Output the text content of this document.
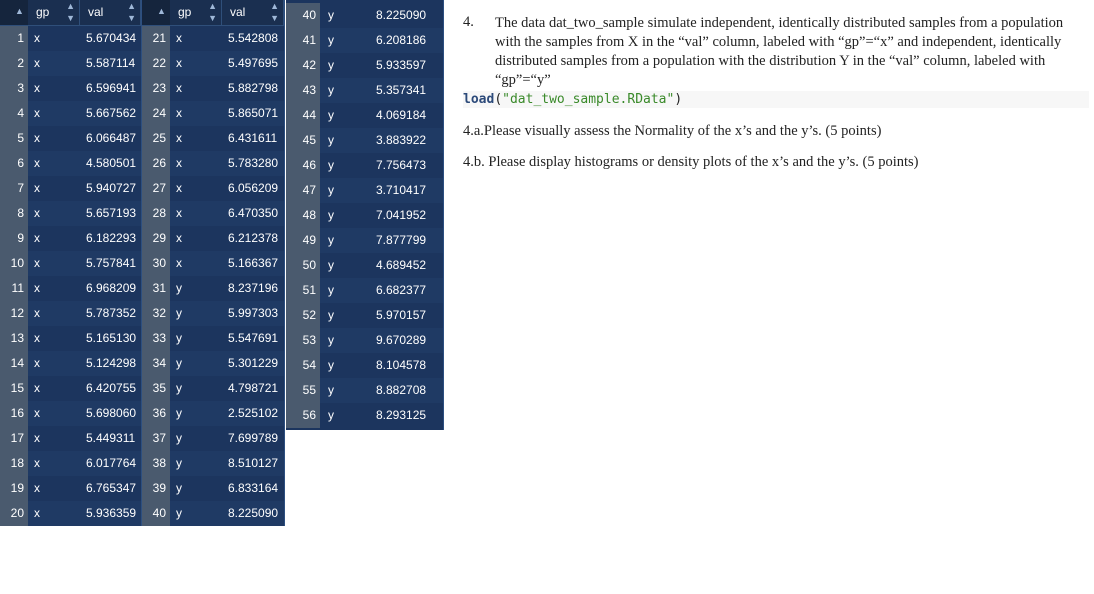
▲	gp ▲
▼	val	▲
▼
1 x	5.670434
2 x	5.587114
3 x	6.596941
4 x	5.667562
5 x	6.066487
6 x	4.580501
7 x	5.940727
8 x	5.657193
9 x	6.182293
10 x	5.757841
11 x	6.968209
12 x	5.787352
13 x	5.165130
14 x	5.124298
15 x	6.420755
16 x	5.698060
17 x	5.449311
18 x	6.017764
19 x	6.765347
20 x	5.936359
▲	gp ▲
▼	val	▲
▼
21 x	5.542808
22 x	5.497695
23 x	5.882798
24 x	5.865071
25 x	6.431611
26 x	5.783280
27 x	6.056209
28 x	6.470350
29 x	6.212378
30 x	5.166367
31 y	8.237196
32 y	5.997303
33 y	5.547691
34 y	5.301229
35 y	4.798721
36 y	2.525102
37 y	7.699789
38 y	8.510127
39 y	6.833164
40 y	8.225090
40	y	8.225090
41	y	6.208186
42	y	5.933597
43	y	5.357341
44	y	4.069184
45	y	3.883922
46	y	7.756473
47	y	3.710417
48	y	7.041952
49	y	7.877799
50	y	4.689452
51	y	6.682377
52	y	5.970157
53	y	9.670289
54	y	8.104578
55	y	8.882708
56	y	8.293125
4. The data dat_two_sample simulate independent, identically distributed samples from a population with the samples from X in the “val” column, labeled with “gp”=“x” and independent, identically distributed samples from a population with the distribution Y in the “val” column, labeled with “gp”=“y”
load("dat_two_sample.RData")
4.a.Please visually assess the Normality of the x’s and the y’s. (5 points)
4.b. Please display histograms or density plots of the x’s and the y’s. (5 points)
